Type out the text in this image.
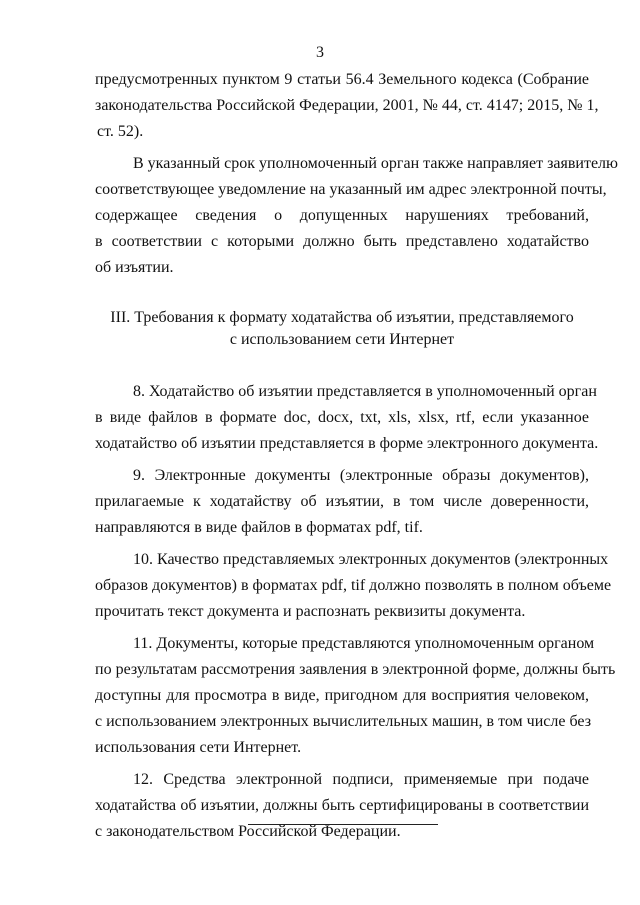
3
предусмотренных пунктом 9 статьи 56.4 Земельного кодекса (Собрание
законодательства Российской Федерации, 2001, № 44, ст. 4147; 2015, № 1,
ст. 52).
В указанный срок уполномоченный орган также направляет заявителю
соответствующее уведомление на указанный им адрес электронной почты,
содержащее сведения о допущенных нарушениях требований,
в соответствии с которыми должно быть представлено ходатайство
об изъятии.
III. Требования к формату ходатайства об изъятии, представляемого
с использованием сети Интернет
8. Ходатайство об изъятии представляется в уполномоченный орган
в виде файлов в формате doc, docx, txt, xls, xlsx, rtf, если указанное
ходатайство об изъятии представляется в форме электронного документа.
9. Электронные документы (электронные образы документов),
прилагаемые к ходатайству об изъятии, в том числе доверенности,
направляются в виде файлов в форматах pdf, tif.
10. Качество представляемых электронных документов (электронных
образов документов) в форматах pdf, tif должно позволять в полном объеме
прочитать текст документа и распознать реквизиты документа.
11. Документы, которые представляются уполномоченным органом
по результатам рассмотрения заявления в электронной форме, должны быть
доступны для просмотра в виде, пригодном для восприятия человеком,
с использованием электронных вычислительных машин, в том числе без
использования сети Интернет.
12. Средства электронной подписи, применяемые при подаче
ходатайства об изъятии, должны быть сертифицированы в соответствии
с законодательством Российской Федерации.
